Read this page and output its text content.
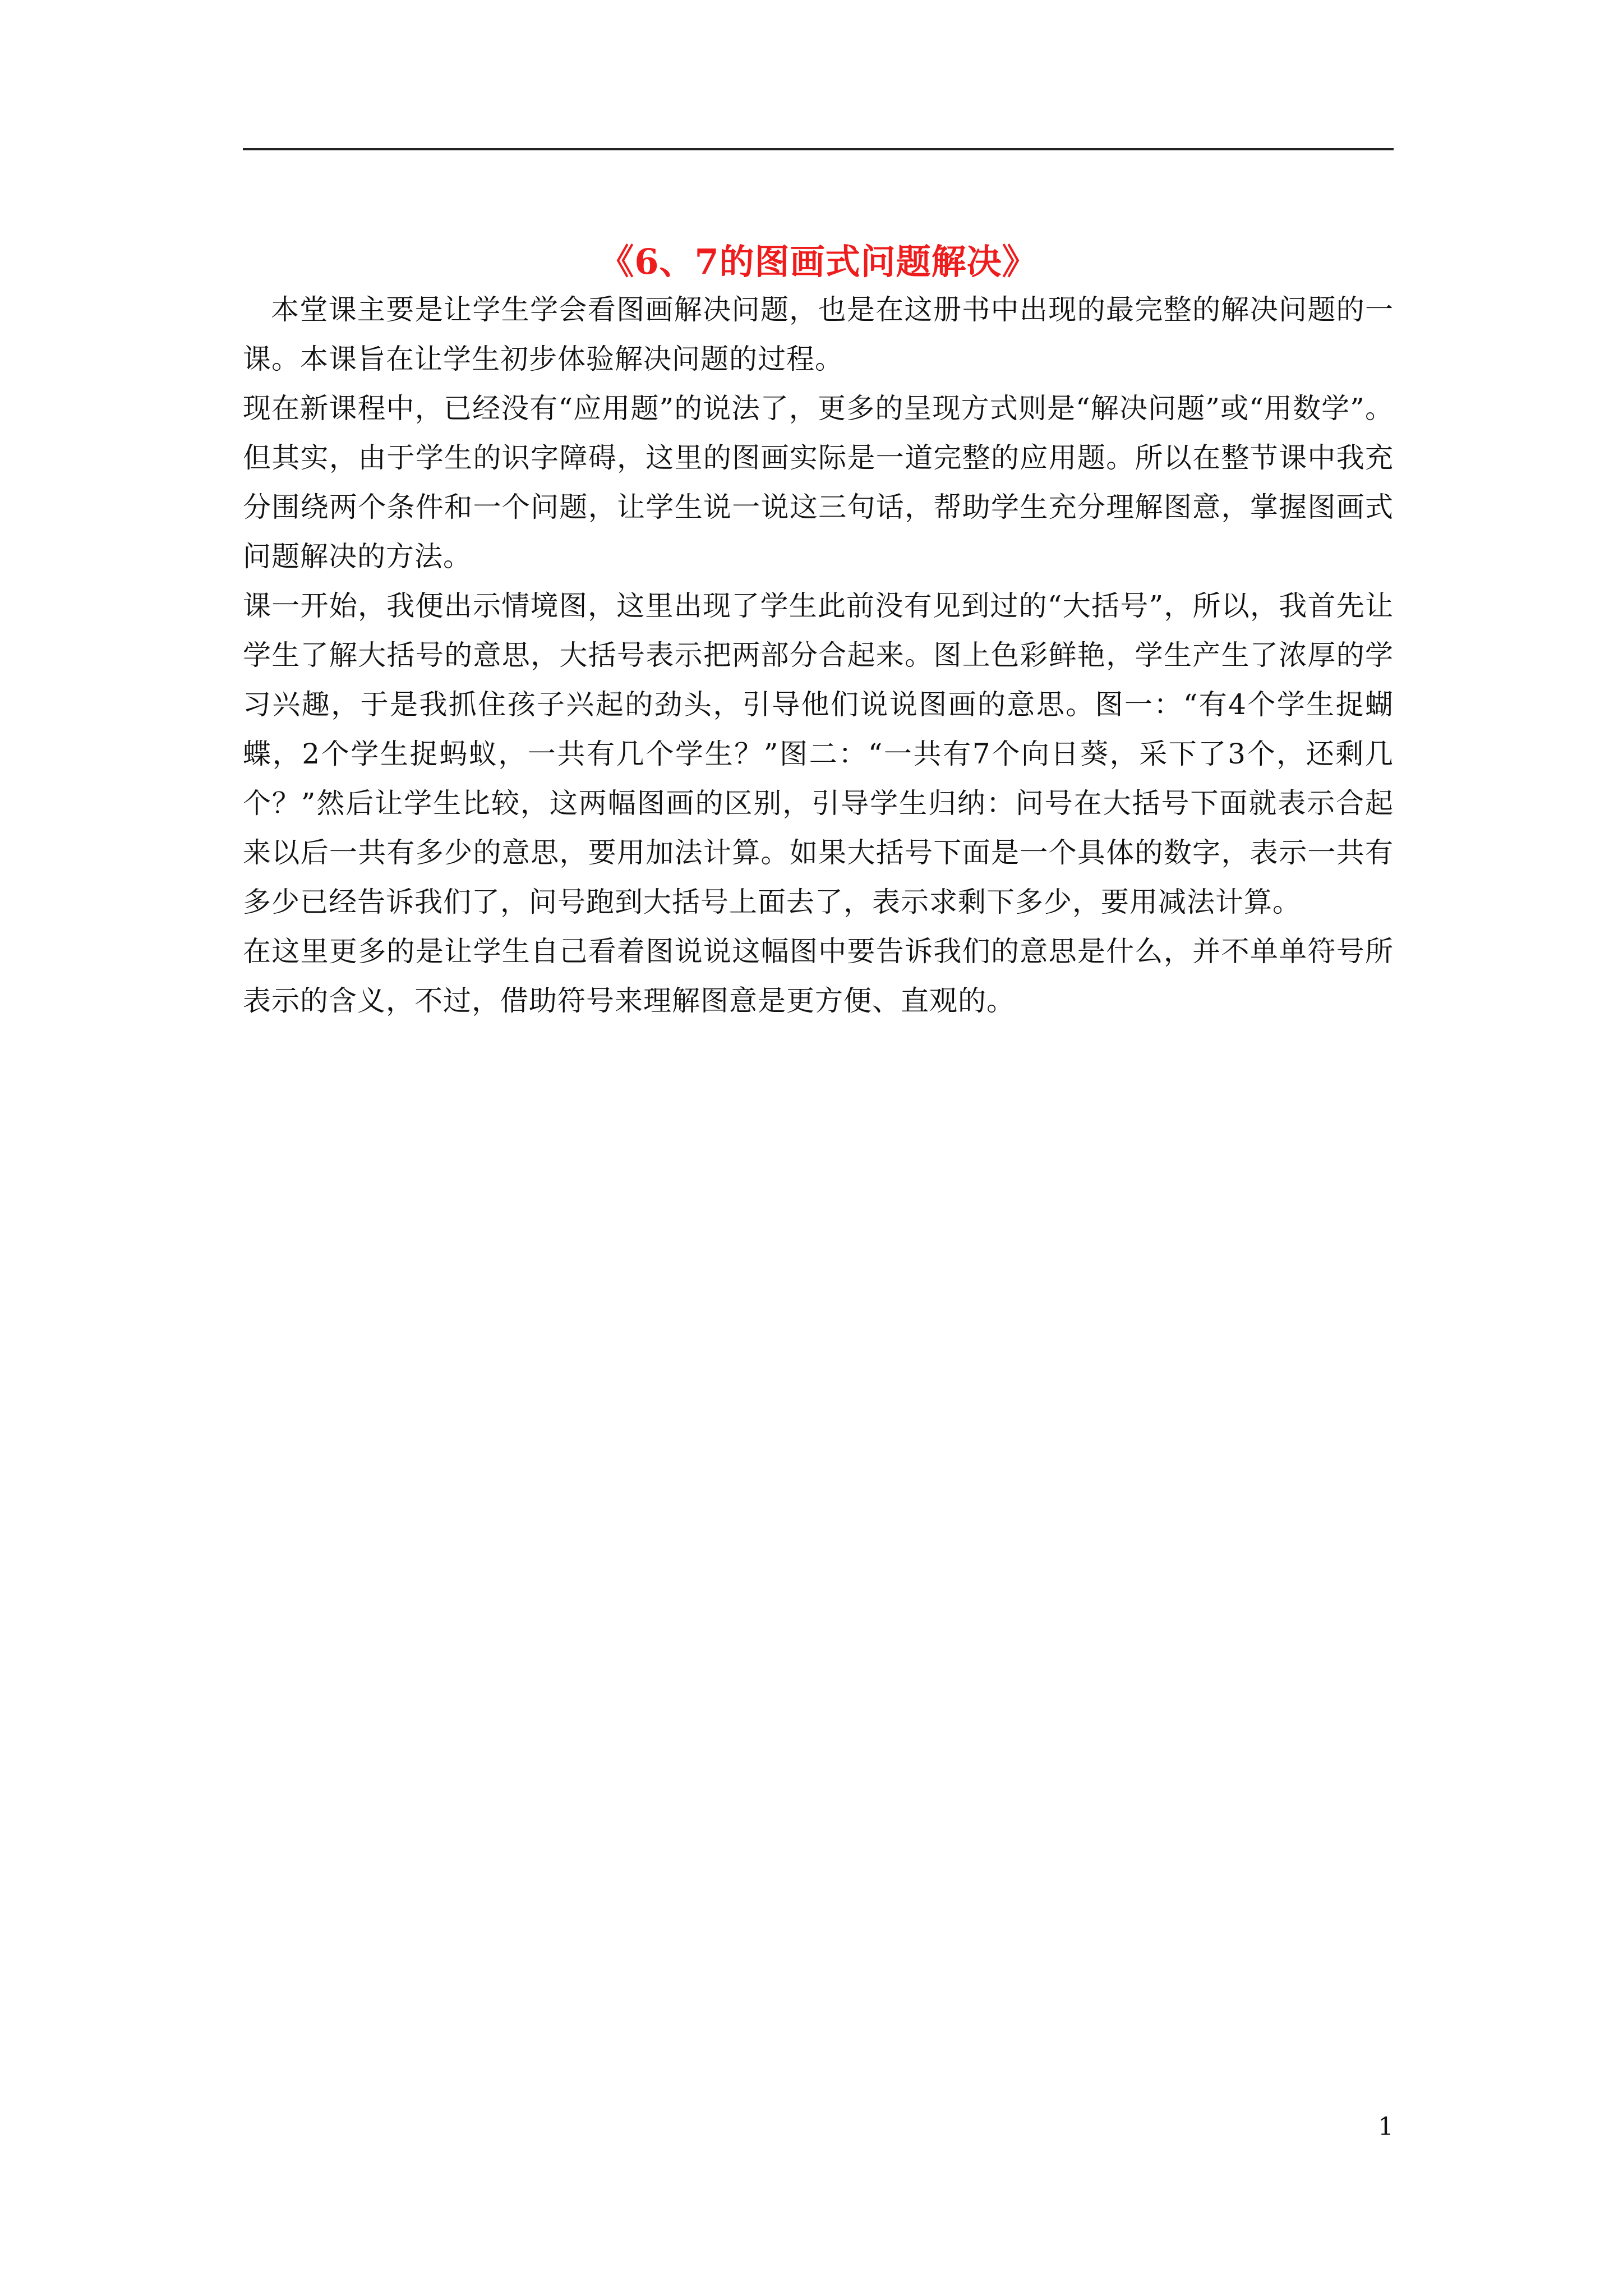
《6、7的图画式问题解决》

本堂课主要是让学生学会看图画解决问题，也是在这册书中出现的最完整的解决问题的一课。本课旨在让学生初步体验解决问题的过程。

现在新课程中，已经没有“应用题”的说法了，更多的呈现方式则是“解决问题”或“用数学”。但其实，由于学生的识字障碍，这里的图画实际是一道完整的应用题。所以在整节课中我充分围绕两个条件和一个问题，让学生说一说这三句话，帮助学生充分理解图意，掌握图画式问题解决的方法。

课一开始，我便出示情境图，这里出现了学生此前没有见到过的“大括号”，所以，我首先让学生了解大括号的意思，大括号表示把两部分合起来。图上色彩鲜艳，学生产生了浓厚的学习兴趣，于是我抓住孩子兴起的劲头，引导他们说说图画的意思。图一：“有4个学生捉蝴蝶，2个学生捉蚂蚁，一共有几个学生？”图二：“一共有7个向日葵，采下了3个，还剩几个？”然后让学生比较，这两幅图画的区别，引导学生归纳：问号在大括号下面就表示合起来以后一共有多少的意思，要用加法计算。如果大括号下面是一个具体的数字，表示一共有多少已经告诉我们了，问号跑到大括号上面去了，表示求剩下多少，要用减法计算。

在这里更多的是让学生自己看着图说说这幅图中要告诉我们的意思是什么，并不单单符号所表示的含义，不过，借助符号来理解图意是更方便、直观的。

1
